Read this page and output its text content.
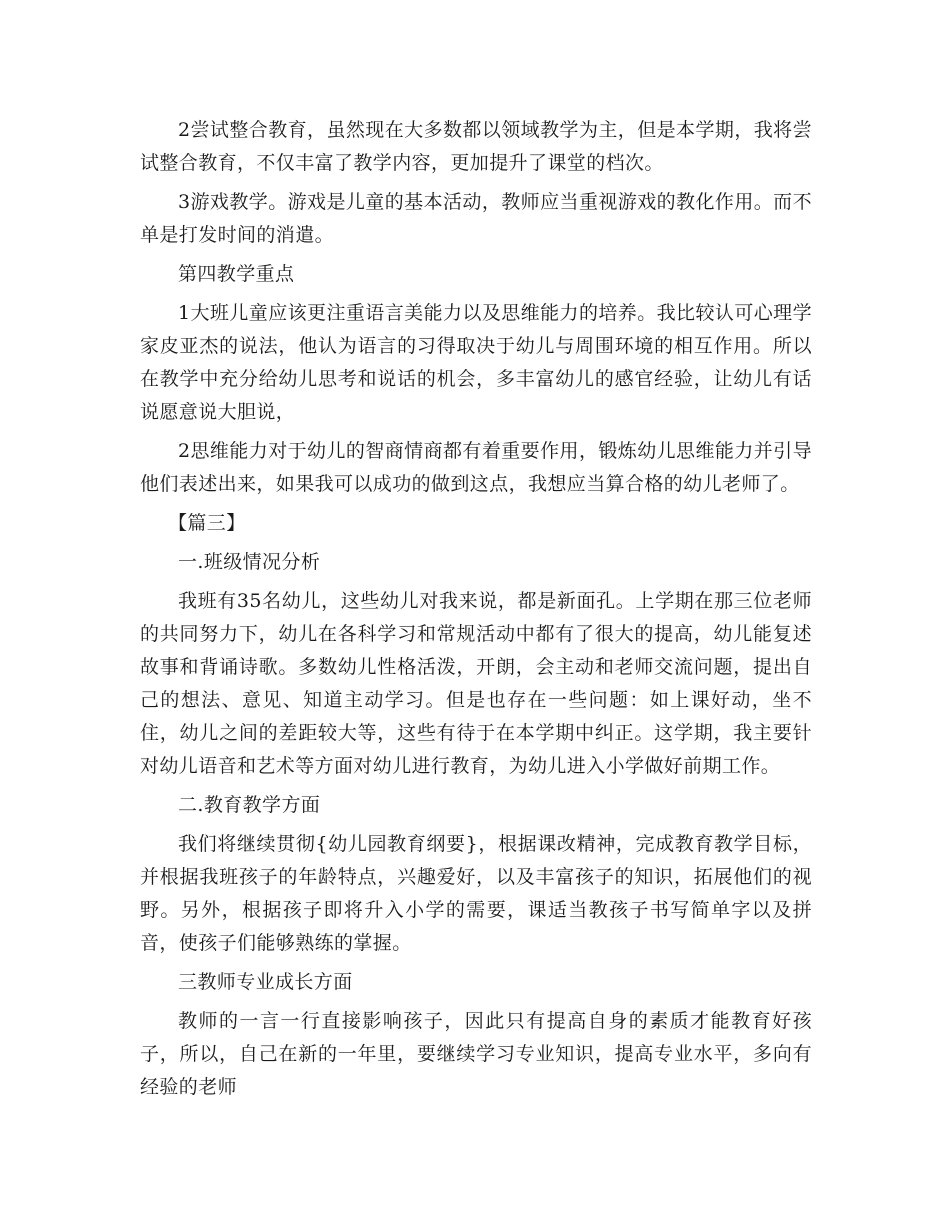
2尝试整合教育，虽然现在大多数都以领域教学为主，但是本学期，我将尝试整合教育，不仅丰富了教学内容，更加提升了课堂的档次。

3游戏教学。游戏是儿童的基本活动，教师应当重视游戏的教化作用。而不单是打发时间的消遣。

第四教学重点

1大班儿童应该更注重语言美能力以及思维能力的培养。我比较认可心理学家皮亚杰的说法，他认为语言的习得取决于幼儿与周围环境的相互作用。所以在教学中充分给幼儿思考和说话的机会，多丰富幼儿的感官经验，让幼儿有话说愿意说大胆说，

2思维能力对于幼儿的智商情商都有着重要作用，锻炼幼儿思维能力并引导他们表述出来，如果我可以成功的做到这点，我想应当算合格的幼儿老师了。

【篇三】

一.班级情况分析

我班有35名幼儿，这些幼儿对我来说，都是新面孔。上学期在那三位老师的共同努力下，幼儿在各科学习和常规活动中都有了很大的提高，幼儿能复述故事和背诵诗歌。多数幼儿性格活泼，开朗，会主动和老师交流问题，提出自己的想法、意见、知道主动学习。但是也存在一些问题：如上课好动，坐不住，幼儿之间的差距较大等，这些有待于在本学期中纠正。这学期，我主要针对幼儿语音和艺术等方面对幼儿进行教育，为幼儿进入小学做好前期工作。

二.教育教学方面

我们将继续贯彻{幼儿园教育纲要}，根据课改精神，完成教育教学目标，并根据我班孩子的年龄特点，兴趣爱好，以及丰富孩子的知识，拓展他们的视野。另外，根据孩子即将升入小学的需要，课适当教孩子书写简单字以及拼音，使孩子们能够熟练的掌握。

三教师专业成长方面

教师的一言一行直接影响孩子，因此只有提高自身的素质才能教育好孩子，所以，自己在新的一年里，要继续学习专业知识，提高专业水平，多向有经验的老师
